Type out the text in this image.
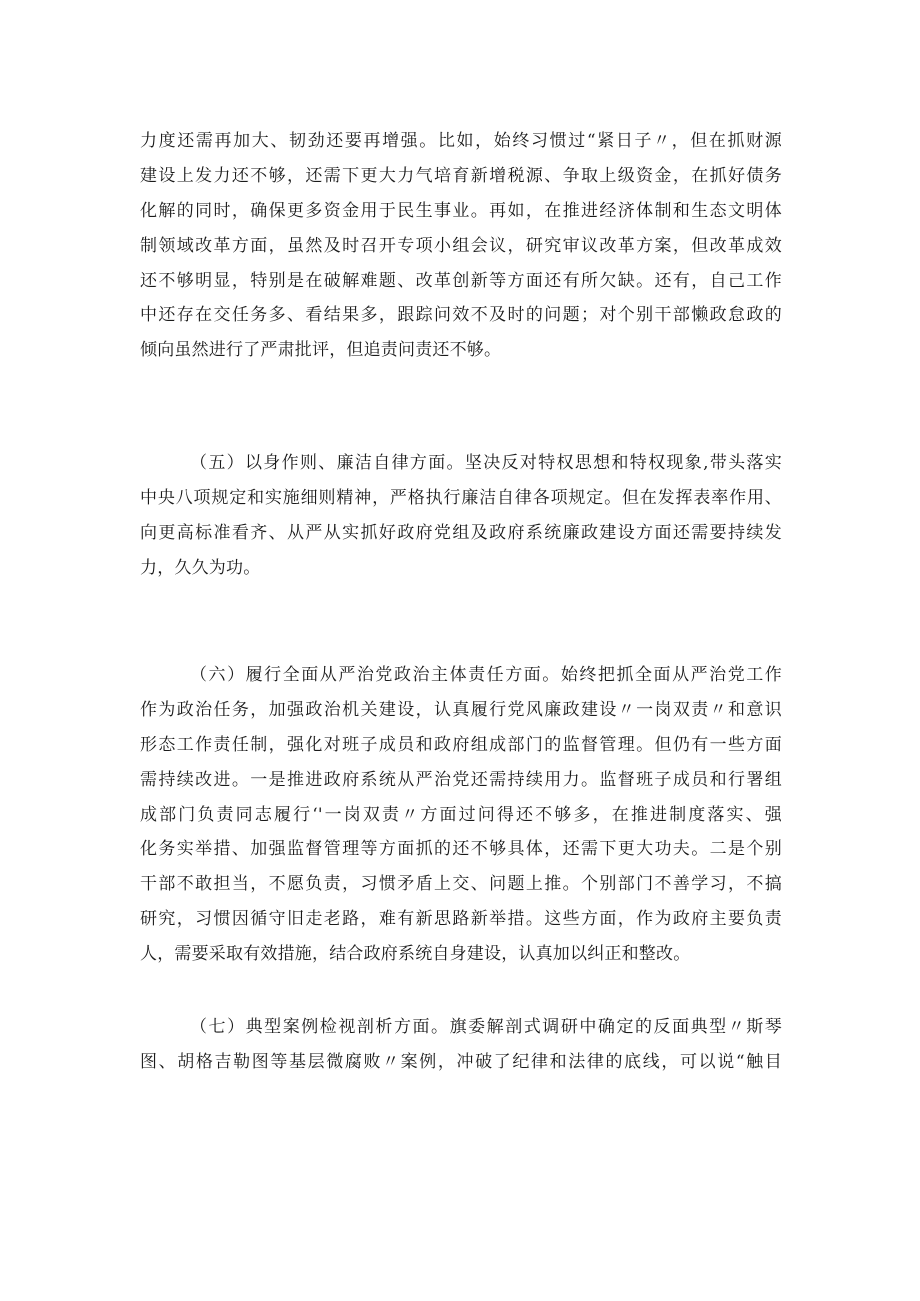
力度还需再加大、韧劲还要再增强。比如，始终习惯过“紧日子〃，但在抓财源
建设上发力还不够，还需下更大力气培育新增税源、争取上级资金，在抓好债务
化解的同时，确保更多资金用于民生事业。再如，在推进经济体制和生态文明体
制领域改革方面，虽然及时召开专项小组会议，研究审议改革方案，但改革成效
还不够明显，特别是在破解难题、改革创新等方面还有所欠缺。还有，自己工作
中还存在交任务多、看结果多，跟踪问效不及时的问题；对个别干部懒政怠政的
倾向虽然进行了严肃批评，但追责问责还不够。
（五）以身作则、廉洁自律方面。坚决反对特权思想和特权现象,带头落实
中央八项规定和实施细则精神，严格执行廉洁自律各项规定。但在发挥表率作用、
向更高标准看齐、从严从实抓好政府党组及政府系统廉政建设方面还需要持续发
力，久久为功。
（六）履行全面从严治党政治主体责任方面。始终把抓全面从严治党工作
作为政治任务，加强政治机关建设，认真履行党风廉政建设〃一岗双责〃和意识
形态工作责任制，强化对班子成员和政府组成部门的监督管理。但仍有一些方面
需持续改进。一是推进政府系统从严治党还需持续用力。监督班子成员和行署组
成部门负责同志履行‘'一岗双责〃方面过问得还不够多，在推进制度落实、强
化务实举措、加强监督管理等方面抓的还不够具体，还需下更大功夫。二是个别
干部不敢担当，不愿负责，习惯矛盾上交、问题上推。个别部门不善学习，不搞
研究，习惯因循守旧走老路，难有新思路新举措。这些方面，作为政府主要负责
人，需要采取有效措施，结合政府系统自身建设，认真加以纠正和整改。
（七）典型案例检视剖析方面。旗委解剖式调研中确定的反面典型〃斯琴
图、胡格吉勒图等基层微腐败〃案例，冲破了纪律和法律的底线，可以说“触目
